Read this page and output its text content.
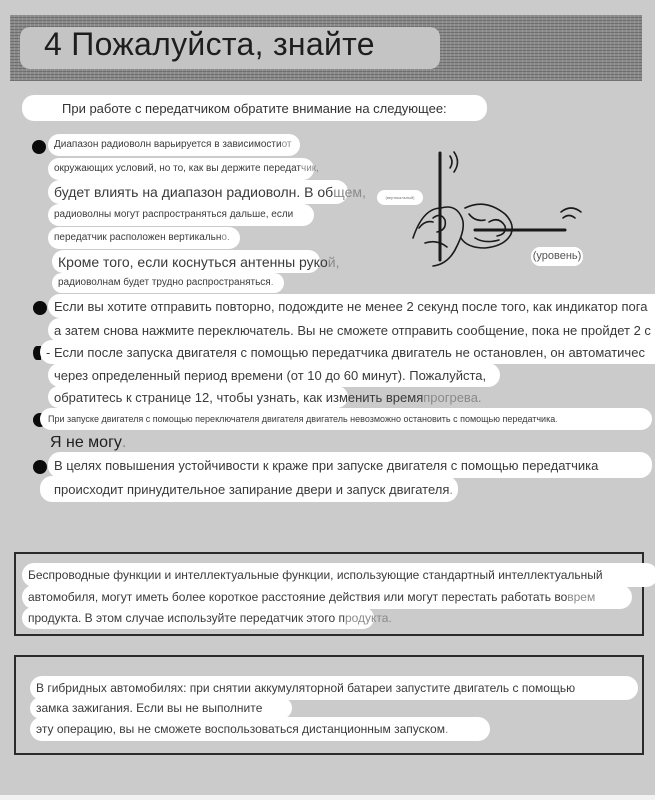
4 Пожалуйста, знайте
При работе с передатчиком обратите внимание на следующее:
Диапазон радиоволн варьируется в зависимости от
окружающих условий, но то, как вы держите передат чик,
будет влиять на диапазон радиоволн. В об щем,
радиоволны могут распространяться дальше, если
передатчик расположен вертикальн о.
Кроме того, если коснуться антенны руко й,
радиоволнам будет трудно распространяться .
(вертикальный)
(уровень)
Если вы хотите отправить повторно, подождите не менее 2 секунд после того, как индикатор пога
а затем снова нажмите переключатель. Вы не сможете отправить сообщение, пока не пройдет 2 с
- Если после запуска двигателя с помощью передатчика двигатель не остановлен, он автоматичес
через определенный период времени (от 10 до 60 минут). Пожалуйста,
обратитесь к странице 12, чтобы узнать, как изменить время прогрева.
При запуске двигателя с помощью переключателя двигателя двигатель невозможно остановить с помощью передатчика .
Я не могу .
В целях повышения устойчивости к краже при запуске двигателя с помощью передатчика
происходит принудительное запирание двери и запуск двигателя .
Беспроводные функции и интеллектуальные функции, использующие стандартный интеллектуальн ый
автомобиля, могут иметь более короткое расстояние действия или могут перестать работать во врем
продукта. В этом случае используйте передатчик этого п родукта.
В гибридных автомобилях: при снятии аккумуляторной батареи запустите двигатель с помощью
замка зажигания. Если вы не выполнит е
эту операцию, вы не сможете воспользоваться дистанционным запуском .
